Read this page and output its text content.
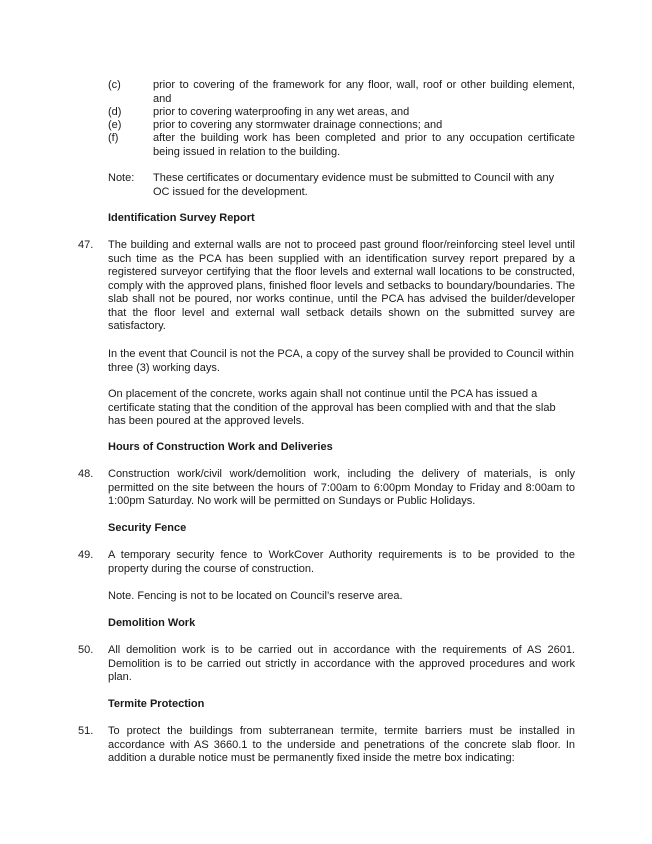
(c)	prior to covering of the framework for any floor, wall, roof or other building element, and
(d)	prior to covering waterproofing in any wet areas, and
(e)	prior to covering any stormwater drainage connections; and
(f)	after the building work has been completed and prior to any occupation certificate being issued in relation to the building.
Note: These certificates or documentary evidence must be submitted to Council with any OC issued for the development.
Identification Survey Report
47. The building and external walls are not to proceed past ground floor/reinforcing steel level until such time as the PCA has been supplied with an identification survey report prepared by a registered surveyor certifying that the floor levels and external wall locations to be constructed, comply with the approved plans, finished floor levels and setbacks to boundary/boundaries. The slab shall not be poured, nor works continue, until the PCA has advised the builder/developer that the floor level and external wall setback details shown on the submitted survey are satisfactory.
In the event that Council is not the PCA, a copy of the survey shall be provided to Council within three (3) working days.
On placement of the concrete, works again shall not continue until the PCA has issued a certificate stating that the condition of the approval has been complied with and that the slab has been poured at the approved levels.
Hours of Construction Work and Deliveries
48. Construction work/civil work/demolition work, including the delivery of materials, is only permitted on the site between the hours of 7:00am to 6:00pm Monday to Friday and 8:00am to 1:00pm Saturday. No work will be permitted on Sundays or Public Holidays.
Security Fence
49. A temporary security fence to WorkCover Authority requirements is to be provided to the property during the course of construction.
Note. Fencing is not to be located on Council’s reserve area.
Demolition Work
50. All demolition work is to be carried out in accordance with the requirements of AS 2601. Demolition is to be carried out strictly in accordance with the approved procedures and work plan.
Termite Protection
51. To protect the buildings from subterranean termite, termite barriers must be installed in accordance with AS 3660.1 to the underside and penetrations of the concrete slab floor. In addition a durable notice must be permanently fixed inside the metre box indicating:
